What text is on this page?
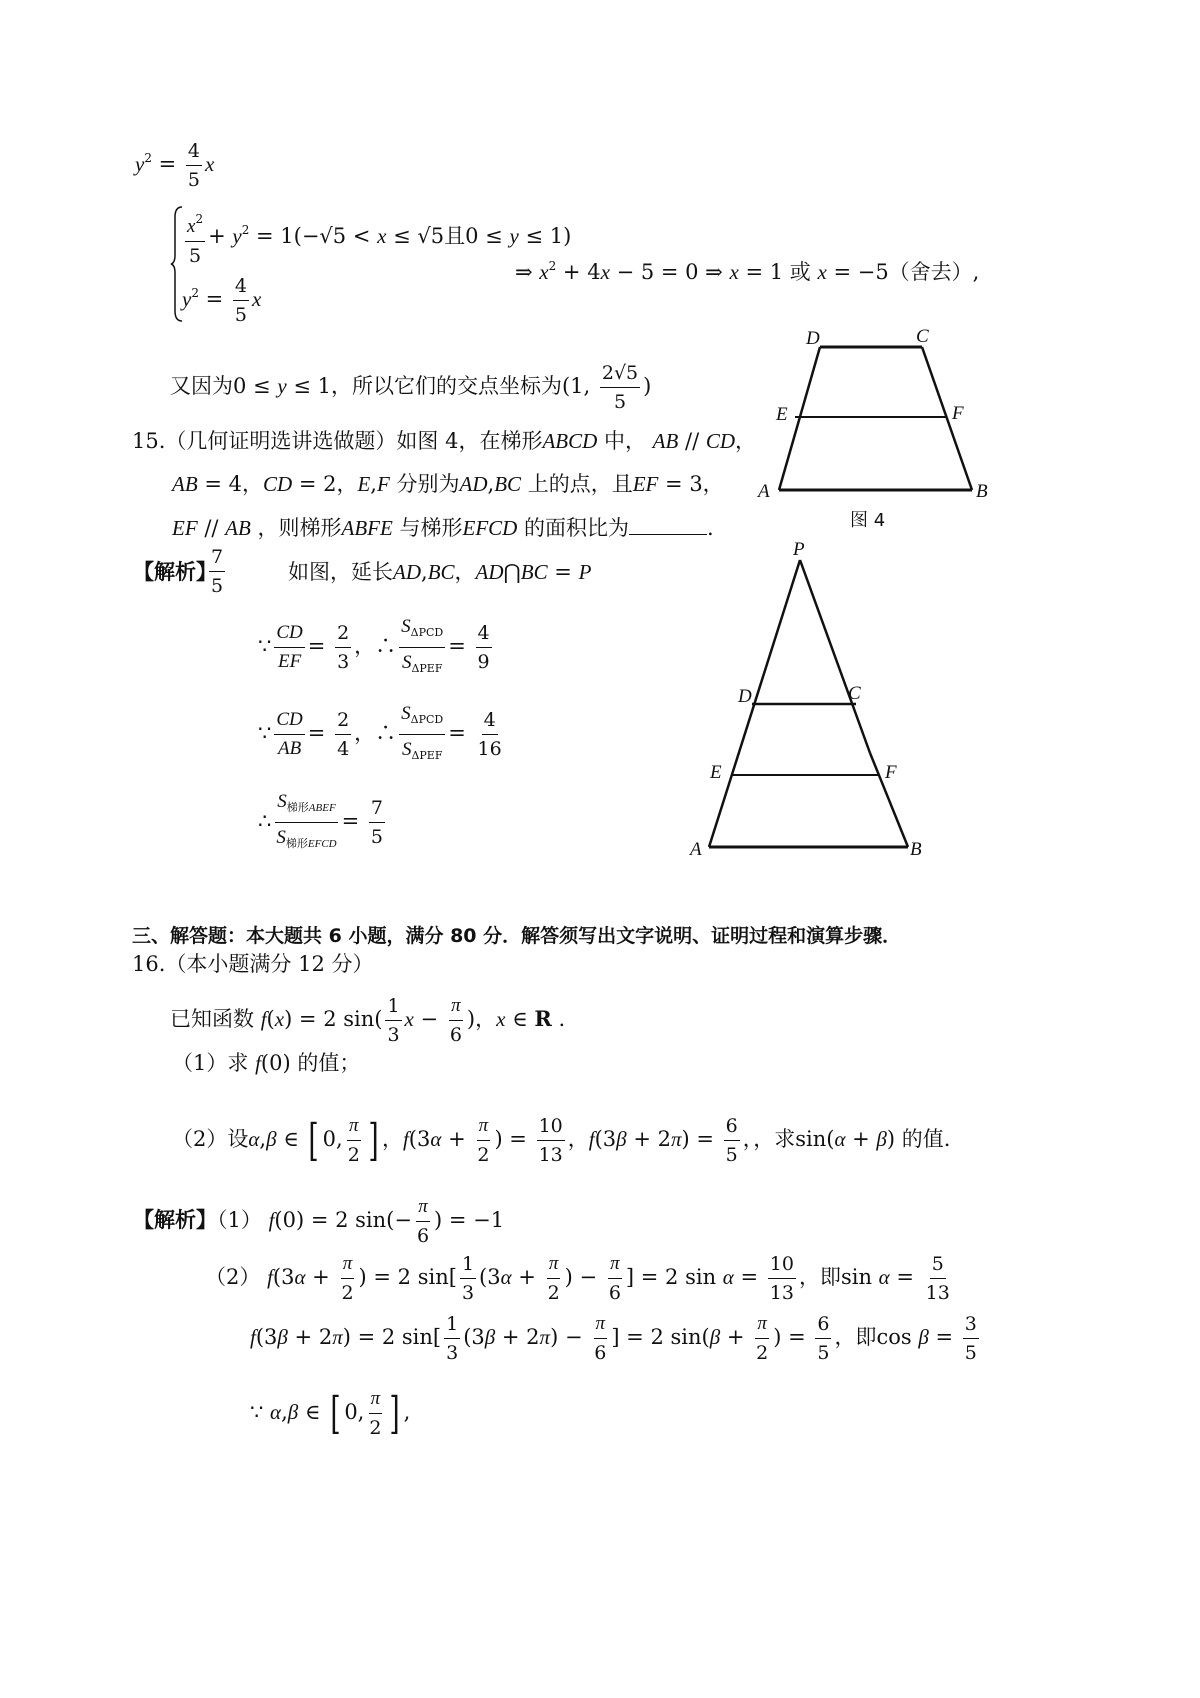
$y^2 = \frac{4}{5}$ x
$\frac{x^2}{5} + y^2 = 1(-√5 < x \le √5$且0 ≤ y ≤ 1)
$y^2 = \frac{4}{5}$ x
⇒ $x^2 + 4x - 5 = 0$ ⇒ x = 1 或 x = −5（舍去）,
又因为0 ≤ y ≤ 1，所以它们的交点坐标为(1, $\frac{2√5}{5}$ )
15.（几何证明选讲选做题）如图 4，在梯形ABCD 中， AB // CD，
AB = 4，CD = 2，E,F 分别为AD,BC 上的点，且EF = 3，
EF // AB ，则梯形ABFE 与梯形EFCD 的面积比为	.
【解析】
$\frac{7}{5}$	如图，延长AD,BC，AD⋂BC = P
∵ $\frac{CD}{EF} = \frac{2}{3}$ ，∴ $\frac{S_{\Delta PCD}}{S_{\Delta PEF}} = \frac{4}{9}$
∵ $\frac{CD}{AB} = \frac{2}{4}$ ，∴ $\frac{S_{\Delta PCD}}{S_{\Delta PEF}} = \frac{4}{16}$
∴ $\frac{S_{梯形ABEF}}{S_{梯形EFCD}} = \frac{7}{5}$
D	C
E	F
A	B
图 4
P
D	C
E	F
A	B
三、解答题：本大题共 6 小题，满分 80 分．解答须写出文字说明、证明过程和演算步骤．
16.（本小题满分 12 分）
已知函数 f(x) = 2 $\sin( \frac{1}{3}$ $x - \frac{\pi}{6}$ )，x ∈ R .
（1）求 f(0) 的值；
（2）设α,β ∈ [ 0, $\frac{\pi}{2}$ ] ，$f(3\alpha + \frac{\pi}{2}$ ) = $\frac{10}{13}$ ，$f(3\beta + 2\pi) = \frac{6}{5}$ ，，求sin(α + β) 的值.
【解析】（1） f(0) = 2 $\sin(- \frac{\pi}{6}$ ) = −1
（2） $f(3\alpha + \frac{\pi}{2}$ ) = 2 $\sin[ \frac{1}{3} (3\alpha + \frac{\pi}{2}$ ) − $\frac{\pi}{6}$ ] = 2 $\sin \alpha = \frac{10}{13}$ ，即$\sin \alpha = \frac{5}{13}$
f(3β + 2π) = 2 $\sin[ \frac{1}{3} (3\beta + 2\pi) - \frac{\pi}{6}$ ] = 2 $\sin(\beta + \frac{\pi}{2}$ ) = $\frac{6}{5}$ ，即$\cos \beta = \frac{3}{5}$
∵ α,β ∈ [ 0, $\frac{\pi}{2}$ ] ,
